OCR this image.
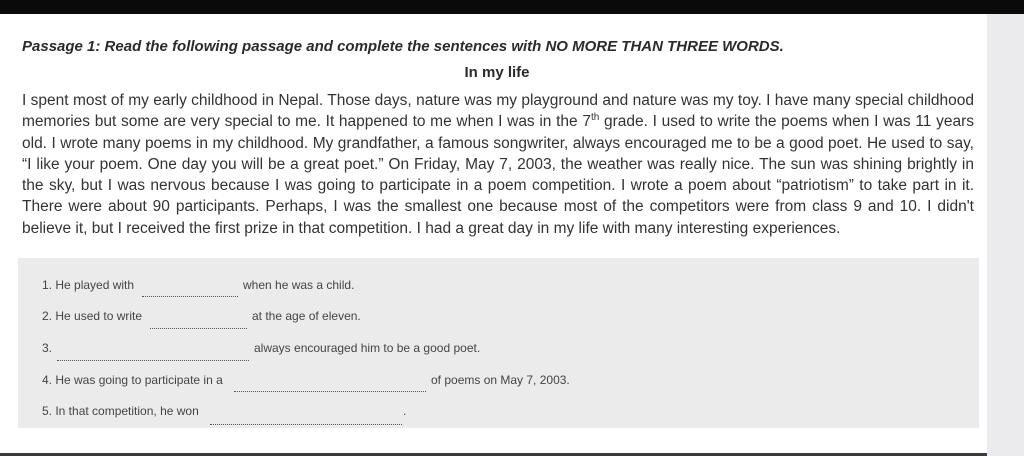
Passage 1: Read the following passage and complete the sentences with NO MORE THAN THREE WORDS.
In my life
I spent most of my early childhood in Nepal. Those days, nature was my playground and nature was my toy. I have many special childhood memories but some are very special to me. It happened to me when I was in the 7th grade. I used to write the poems when I was 11 years old. I wrote many poems in my childhood. My grandfather, a famous songwriter, always encouraged me to be a good poet. He used to say, “I like your poem. One day you will be a great poet.” On Friday, May 7, 2003, the weather was really nice. The sun was shining brightly in the sky, but I was nervous because I was going to participate in a poem competition. I wrote a poem about “patriotism” to take part in it. There were about 90 participants. Perhaps, I was the smallest one because most of the competitors were from class 9 and 10. I didn't believe it, but I received the first prize in that competition. I had a great day in my life with many interesting experiences.
1. He played with	when he was a child.
2. He used to write	at the age of eleven.
3.	always encouraged him to be a good poet.
4. He was going to participate in a	of poems on May 7, 2003.
5. In that competition, he won	.
